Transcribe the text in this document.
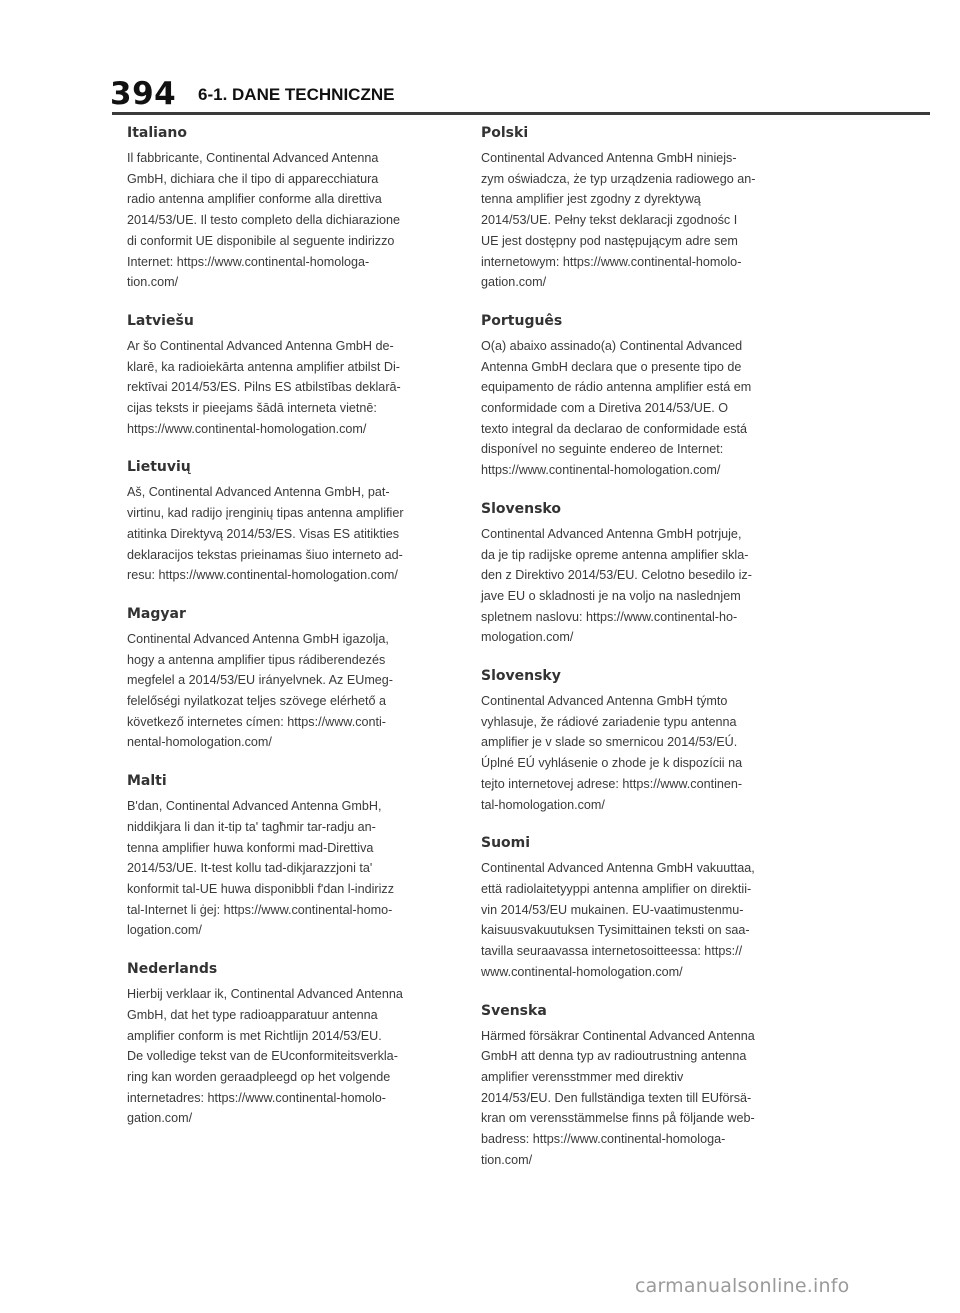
394 6-1. DANE TECHNICZNE
Italiano
Il fabbricante, Continental Advanced Antenna
GmbH, dichiara che il tipo di apparecchiatura
radio antenna amplifier conforme alla direttiva
2014/53/UE. Il testo completo della dichiarazione
di conformit UE disponibile al seguente indirizzo
Internet: https://www.continental-homologa-
tion.com/
Latviešu
Ar šo Continental Advanced Antenna GmbH de-
klarē, ka radioiekārta antenna amplifier atbilst Di-
rektīvai 2014/53/ES. Pilns ES atbilstības deklarā-
cijas teksts ir pieejams šādā interneta vietnē:
https://www.continental-homologation.com/
Lietuvių
Aš, Continental Advanced Antenna GmbH, pat-
virtinu, kad radijo įrenginių tipas antenna amplifier
atitinka Direktyvą 2014/53/ES. Visas ES atitikties
deklaracijos tekstas prieinamas šiuo interneto ad-
resu: https://www.continental-homologation.com/
Magyar
Continental Advanced Antenna GmbH igazolja,
hogy a antenna amplifier tipus rádiberendezés
megfelel a 2014/53/EU irányelvnek. Az EUmeg-
felelőségi nyilatkozat teljes szövege elérhető a
következő internetes címen: https://www.conti-
nental-homologation.com/
Malti
B'dan, Continental Advanced Antenna GmbH,
niddikjara li dan it-tip ta' tagħmir tar-radju an-
tenna amplifier huwa konformi mad-Direttiva
2014/53/UE. It-test kollu tad-dikjarazzjoni ta'
konformit tal-UE huwa disponibbli f'dan l-indirizz
tal-Internet li ġej: https://www.continental-homo-
logation.com/
Nederlands
Hierbij verklaar ik, Continental Advanced Antenna
GmbH, dat het type radioapparatuur antenna
amplifier conform is met Richtlijn 2014/53/EU.
De volledige tekst van de EUconformiteitsverkla-
ring kan worden geraadpleegd op het volgende
internetadres: https://www.continental-homolo-
gation.com/
Polski
Continental Advanced Antenna GmbH niniejs-
zym oświadcza, że typ urządzenia radiowego an-
tenna amplifier jest zgodny z dyrektywą
2014/53/UE. Pełny tekst deklaracji zgodnośc I
UE jest dostępny pod następującym adre sem
internetowym: https://www.continental-homolo-
gation.com/
Português
O(a) abaixo assinado(a) Continental Advanced
Antenna GmbH declara que o presente tipo de
equipamento de rádio antenna amplifier está em
conformidade com a Diretiva 2014/53/UE. O
texto integral da declarao de conformidade está
disponível no seguinte endereo de Internet:
https://www.continental-homologation.com/
Slovensko
Continental Advanced Antenna GmbH potrjuje,
da je tip radijske opreme antenna amplifier skla-
den z Direktivo 2014/53/EU. Celotno besedilo iz-
jave EU o skladnosti je na voljo na naslednjem
spletnem naslovu: https://www.continental-ho-
mologation.com/
Slovensky
Continental Advanced Antenna GmbH týmto
vyhlasuje, že rádiové zariadenie typu antenna
amplifier je v slade so smernicou 2014/53/EÚ.
Úplné EÚ vyhlásenie o zhode je k dispozícii na
tejto internetovej adrese: https://www.continen-
tal-homologation.com/
Suomi
Continental Advanced Antenna GmbH vakuuttaa,
että radiolaitetyyppi antenna amplifier on direktii-
vin 2014/53/EU mukainen. EU-vaatimustenmu-
kaisuusvakuutuksen Tysimittainen teksti on saa-
tavilla seuraavassa internetosoitteessa: https://
www.continental-homologation.com/
Svenska
Härmed försäkrar Continental Advanced Antenna
GmbH att denna typ av radioutrustning antenna
amplifier verensstmmer med direktiv
2014/53/EU. Den fullständiga texten till EUförsä-
kran om verensstämmelse finns på följande web-
badress: https://www.continental-homologa-
tion.com/
carmanualsonline.info
